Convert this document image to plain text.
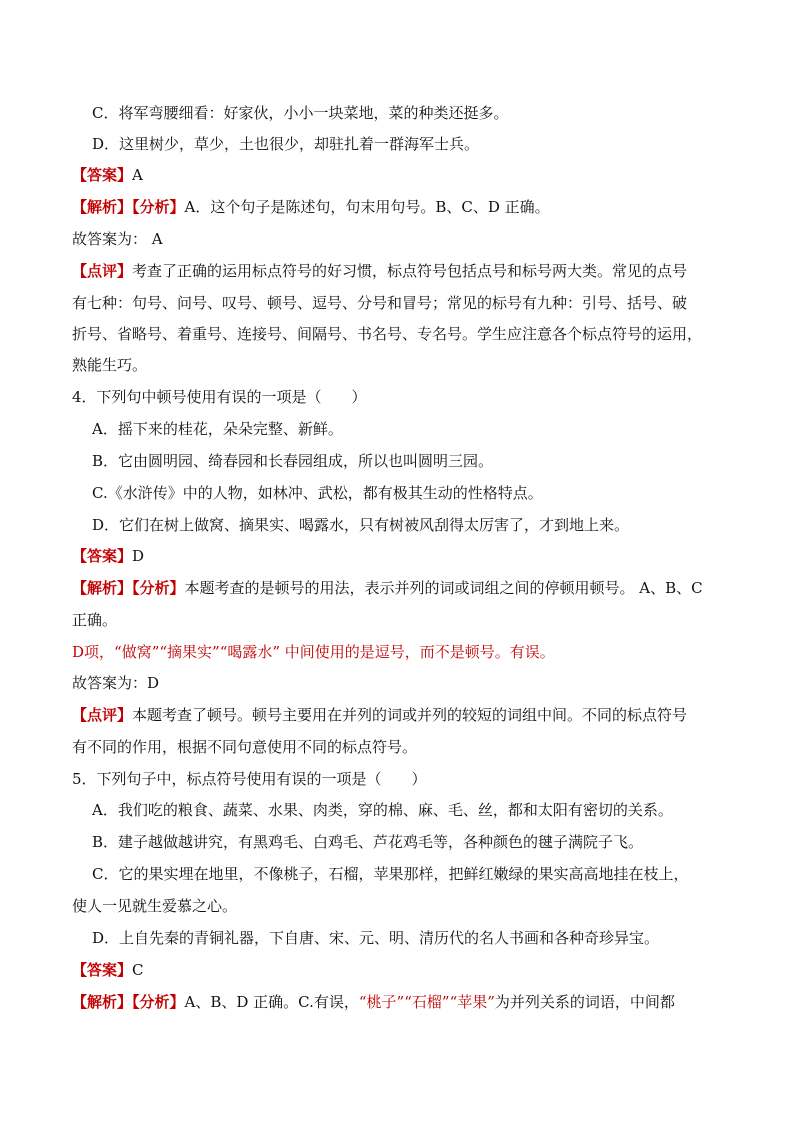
C．将军弯腰细看：好家伙，小小一块菜地，菜的种类还挺多。
D．这里树少，草少，土也很少，却驻扎着一群海军士兵。
【答案】A
【解析】【分析】A．这个句子是陈述句，句末用句号。B、C、D 正确。
故答案为： A
【点评】考查了正确的运用标点符号的好习惯，标点符号包括点号和标号两大类。常见的点号
有七种：句号、问号、叹号、顿号、逗号、分号和冒号；常见的标号有九种：引号、括号、破
折号、省略号、着重号、连接号、间隔号、书名号、专名号。学生应注意各个标点符号的运用，
熟能生巧。
4．下列句中顿号使用有误的一项是（　　）
A．摇下来的桂花，朵朵完整、新鲜。
B．它由圆明园、绮春园和长春园组成，所以也叫圆明三园。
C.《水浒传》中的人物，如林冲、武松，都有极其生动的性格特点。
D．它们在树上做窝、摘果实、喝露水，只有树被风刮得太厉害了，才到地上来。
【答案】D
【解析】【分析】本题考查的是顿号的用法，表示并列的词或词组之间的停顿用顿号。 A、B、C
正确。
D项，“做窝”“摘果实”“喝露水” 中间使用的是逗号，而不是顿号。有误。
故答案为：D
【点评】本题考查了顿号。顿号主要用在并列的词或并列的较短的词组中间。不同的标点符号
有不同的作用，根据不同句意使用不同的标点符号。
5．下列句子中，标点符号使用有误的一项是（　　）
A．我们吃的粮食、蔬菜、水果、肉类，穿的棉、麻、毛、丝，都和太阳有密切的关系。
B．建子越做越讲究，有黑鸡毛、白鸡毛、芦花鸡毛等，各种颜色的毽子满院子飞。
C．它的果实埋在地里，不像桃子，石榴，苹果那样，把鲜红嫩绿的果实高高地挂在枝上，
使人一见就生爱慕之心。
D．上自先秦的青铜礼器，下自唐、宋、元、明、清历代的名人书画和各种奇珍异宝。
【答案】C
【解析】【分析】A、B、D 正确。C.有误，“桃子”“石榴”“苹果”为并列关系的词语，中间都
